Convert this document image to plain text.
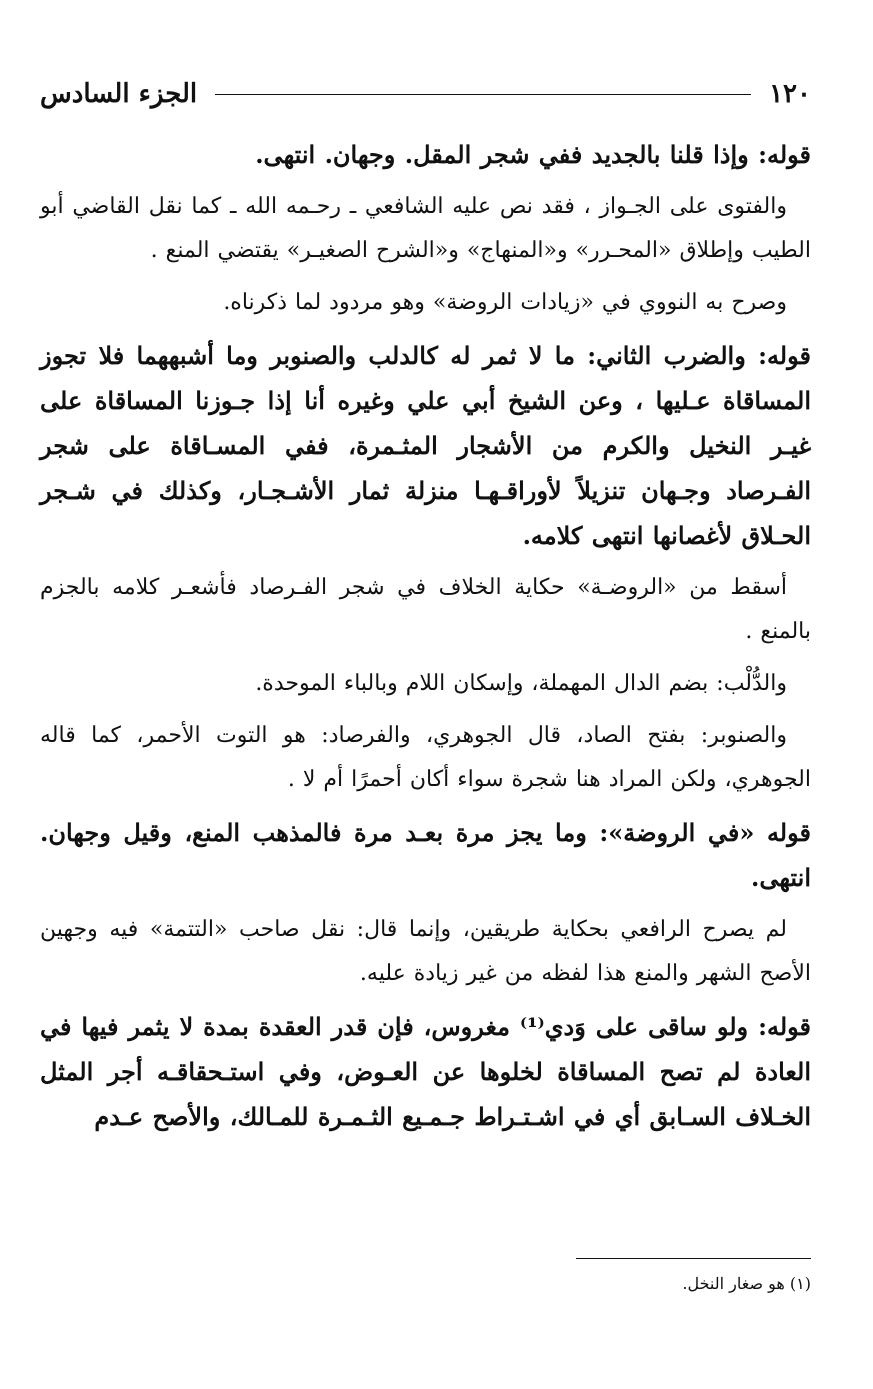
١٢٠
الجزء السادس

قوله: وإذا قلنا بالجديد ففي شجر المقل. وجهان. انتهى.

والفتوى على الجـواز ، فقد نص عليه الشافعي ـ رحـمه الله ـ كما نقل القاضي أبو الطيب وإطلاق «المحـرر» و«المنهاج» و«الشرح الصغيـر» يقتضي المنع .

وصرح به النووي في «زيادات الروضة» وهو مردود لما ذكرناه.

قوله: والضرب الثاني: ما لا ثمر له كالدلب والصنوبر وما أشبههما فلا تجوز المساقاة عـليها ، وعن الشيخ أبي علي وغيره أنا إذا جـوزنا المساقاة على غيـر النخيل والكرم من الأشجار المثـمرة، ففي المسـاقاة على شجر الفـرصاد وجـهان تنزيلاً لأوراقـهـا منزلة ثمار الأشـجـار، وكذلك في شـجر الحـلاق لأغصانها انتهى كلامه.

أسقط من «الروضـة» حكاية الخلاف في شجر الفـرصاد فأشعـر كلامه بالجزم بالمنع .

والدُّلْب: بضم الدال المهملة، وإسكان اللام وبالباء الموحدة.

والصنوبر: بفتح الصاد، قال الجوهري، والفرصاد: هو التوت الأحمر، كما قاله الجوهري، ولكن المراد هنا شجرة سواء أكان أحمرًا أم لا .

قوله «في الروضة»: وما يجز مرة بعـد مرة فالمذهب المنع، وقيل وجهان. انتهى.

لم يصرح الرافعي بحكاية طريقين، وإنما قال: نقل صاحب «التتمة» فيه وجهين الأصح الشهر والمنع هذا لفظه من غير زيادة عليه.

قوله: ولو ساقى على وَدي⁽¹⁾ مغروس، فإن قدر العقدة بمدة لا يثمر فيها في العادة لم تصح المساقاة لخلوها عن العـوض، وفي استـحقاقـه أجر المثل الخـلاف السـابق أي في اشـتـراط جـمـيع الثـمـرة للمـالك، والأصح عـدم

(١) هو صغار النخل.
